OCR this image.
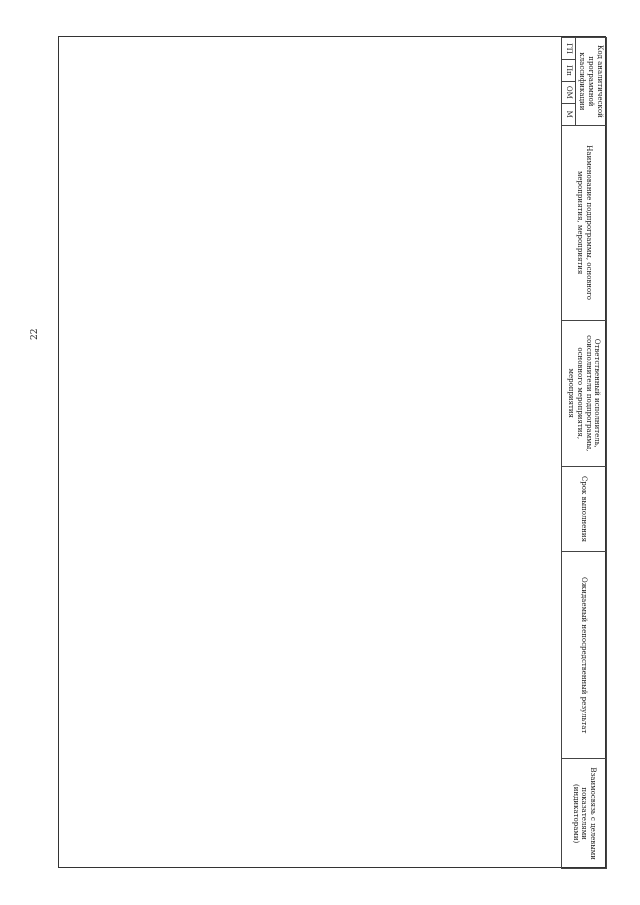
22
Код аналитической программной классификации				Наименование подпрограммы, основного мероприятия, мероприятия	Ответственный исполнитель, соисполнители подпрограммы, основного мероприятия, мероприятия	Срок выполнения	Ожидаемый непосредственный результат	Взаимосвязь с целевыми показателями (индикаторами)
ГП	Пп	ОМ	М					
